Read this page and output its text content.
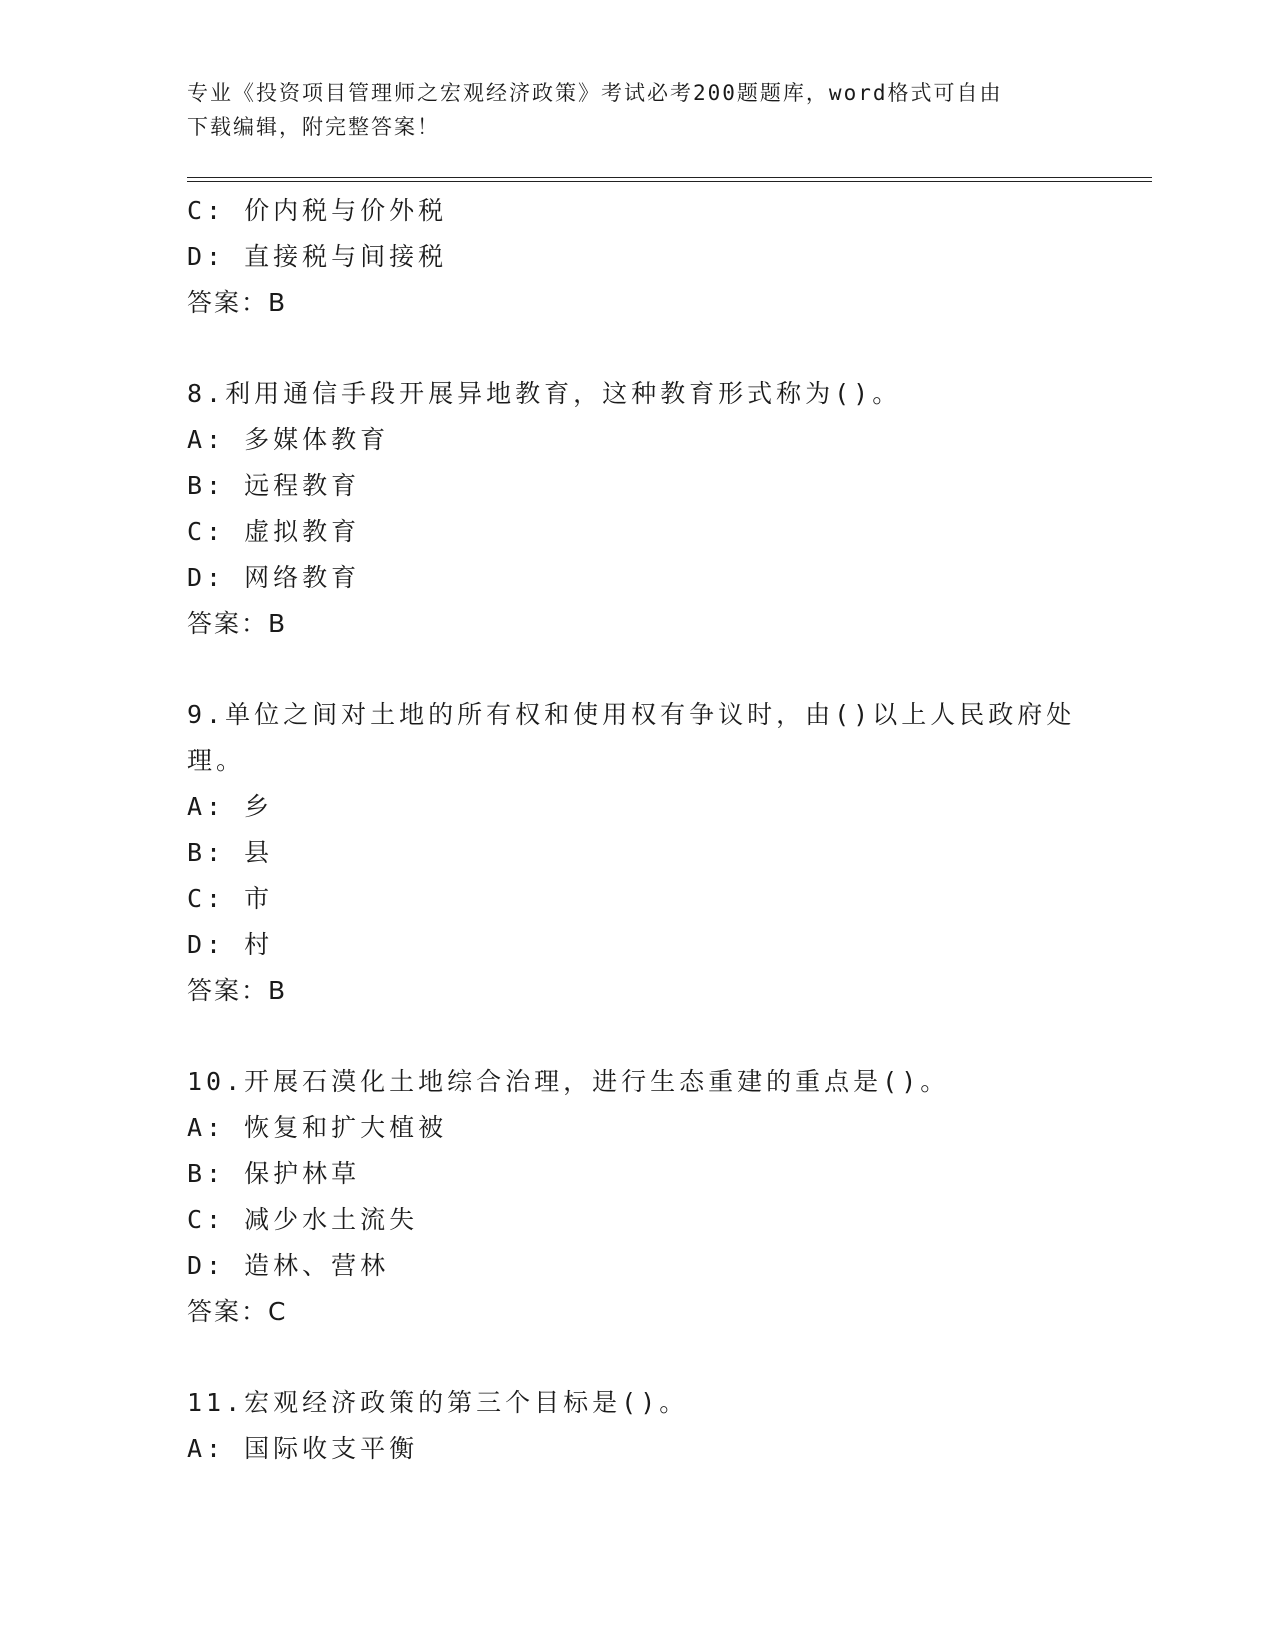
专业《投资项目管理师之宏观经济政策》考试必考200题题库，word格式可自由
下载编辑，附完整答案！
C: 价内税与价外税
D: 直接税与间接税
答案：B
8.利用通信手段开展异地教育，这种教育形式称为()。
A: 多媒体教育
B: 远程教育
C: 虚拟教育
D: 网络教育
答案：B
9.单位之间对土地的所有权和使用权有争议时，由()以上人民政府处
理。
A: 乡
B: 县
C: 市
D: 村
答案：B
10.开展石漠化土地综合治理，进行生态重建的重点是()。
A: 恢复和扩大植被
B: 保护林草
C: 减少水土流失
D: 造林、营林
答案：C
11.宏观经济政策的第三个目标是()。
A: 国际收支平衡
